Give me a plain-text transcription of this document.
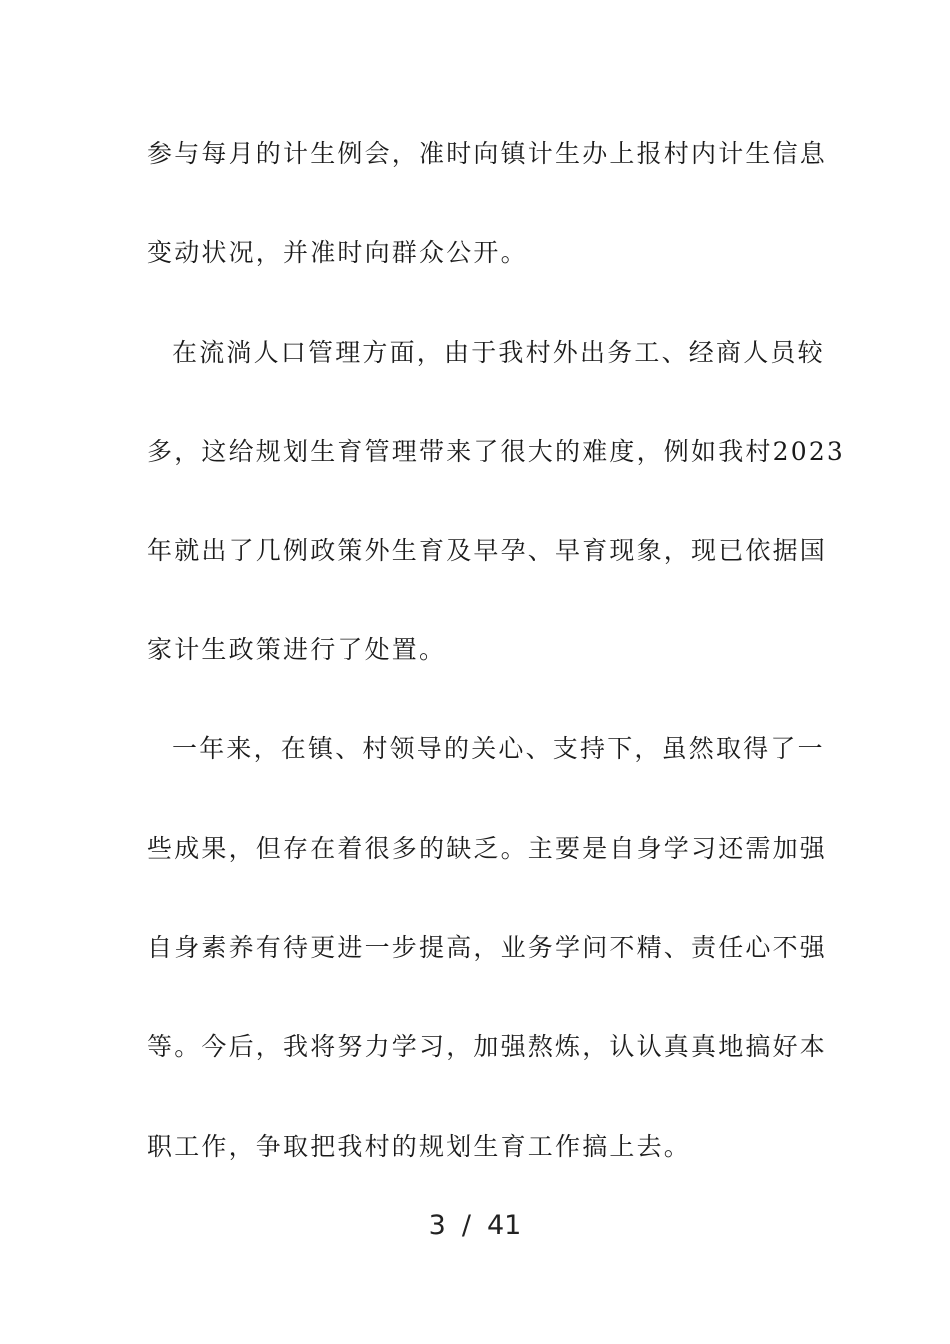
参与每月的计生例会，准时向镇计生办上报村内计生信息
变动状况，并准时向群众公开。
在流淌人口管理方面，由于我村外出务工、经商人员较
多，这给规划生育管理带来了很大的难度，例如我村2023
年就出了几例政策外生育及早孕、早育现象，现已依据国
家计生政策进行了处置。
一年来，在镇、村领导的关心、支持下，虽然取得了一
些成果，但存在着很多的缺乏。主要是自身学习还需加强
自身素养有待更进一步提高，业务学问不精、责任心不强
等。今后，我将努力学习，加强熬炼，认认真真地搞好本
职工作，争取把我村的规划生育工作搞上去。
3 / 41
